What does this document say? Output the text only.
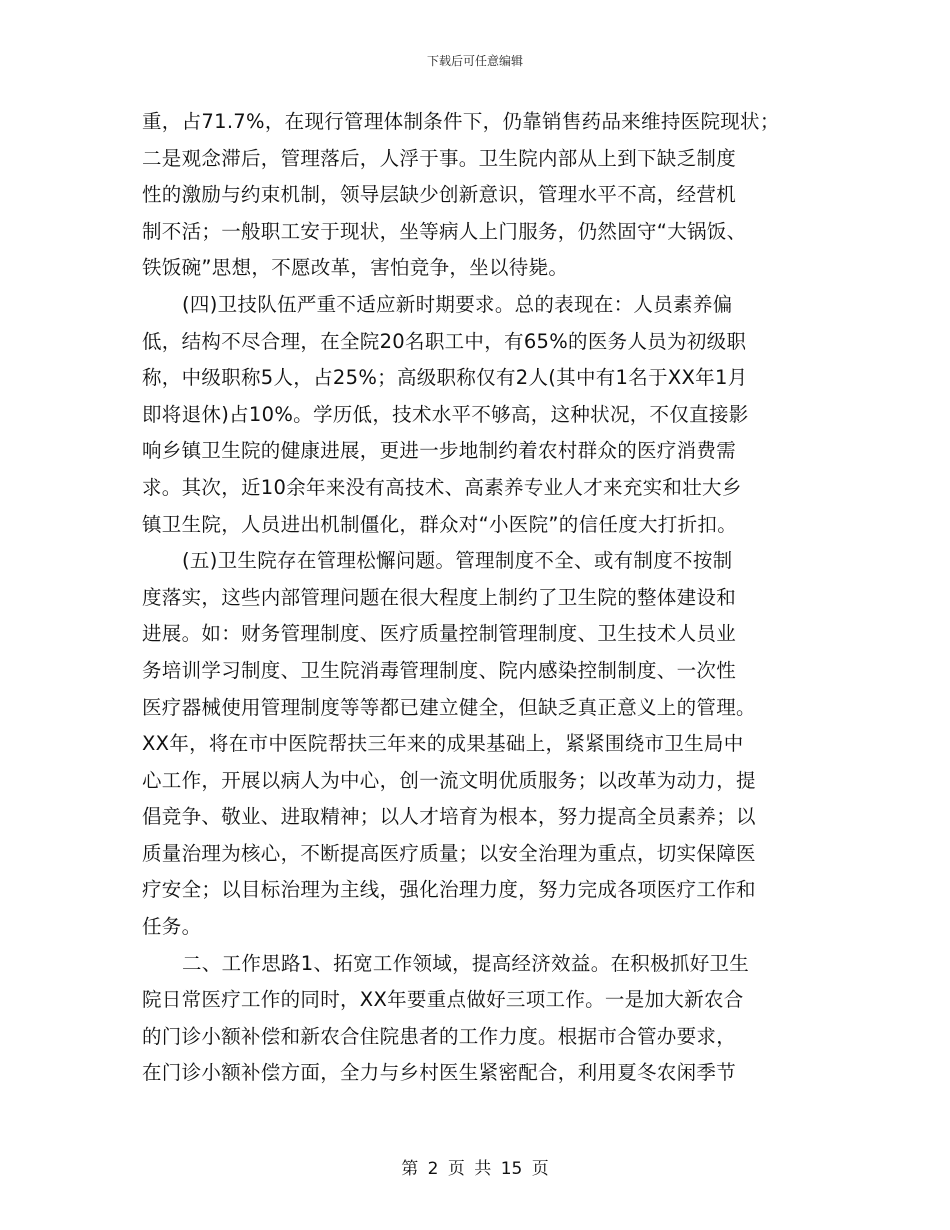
下载后可任意编辑
重，占71.7%，在现行管理体制条件下，仍靠销售药品来维持医院现状；
二是观念滞后，管理落后，人浮于事。卫生院内部从上到下缺乏制度
性的激励与约束机制，领导层缺少创新意识，管理水平不高，经营机
制不活；一般职工安于现状，坐等病人上门服务，仍然固守“大锅饭、
铁饭碗”思想，不愿改革，害怕竞争，坐以待毙。
(四)卫技队伍严重不适应新时期要求。总的表现在：人员素养偏
低，结构不尽合理，在全院20名职工中，有65%的医务人员为初级职
称，中级职称5人，占25%；高级职称仅有2人(其中有1名于XX年1月
即将退休)占10%。学历低，技术水平不够高，这种状况，不仅直接影
响乡镇卫生院的健康进展，更进一步地制约着农村群众的医疗消费需
求。其次，近10余年来没有高技术、高素养专业人才来充实和壮大乡
镇卫生院，人员进出机制僵化，群众对“小医院”的信任度大打折扣。
(五)卫生院存在管理松懈问题。管理制度不全、或有制度不按制
度落实，这些内部管理问题在很大程度上制约了卫生院的整体建设和
进展。如：财务管理制度、医疗质量控制管理制度、卫生技术人员业
务培训学习制度、卫生院消毒管理制度、院内感染控制制度、一次性
医疗器械使用管理制度等等都已建立健全，但缺乏真正意义上的管理。
XX年，将在市中医院帮扶三年来的成果基础上，紧紧围绕市卫生局中
心工作，开展以病人为中心，创一流文明优质服务；以改革为动力，提
倡竞争、敬业、进取精神；以人才培育为根本，努力提高全员素养；以
质量治理为核心，不断提高医疗质量；以安全治理为重点，切实保障医
疗安全；以目标治理为主线，强化治理力度，努力完成各项医疗工作和
任务。
二、工作思路1、拓宽工作领域，提高经济效益。在积极抓好卫生
院日常医疗工作的同时，XX年要重点做好三项工作。一是加大新农合
的门诊小额补偿和新农合住院患者的工作力度。根据市合管办要求，
在门诊小额补偿方面，全力与乡村医生紧密配合，利用夏冬农闲季节
第 2 页 共 15 页
